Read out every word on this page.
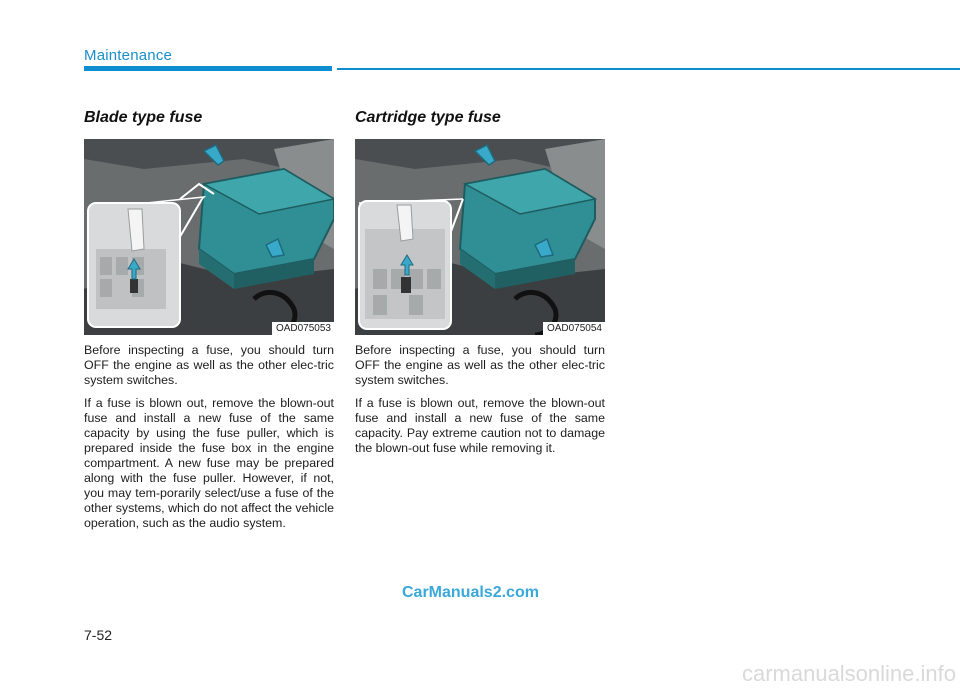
Maintenance
Blade type fuse
OAD075053

Before inspecting a fuse, you should turn OFF the engine as well as the other elec-tric system switches.

If a fuse is blown out, remove the blown-out fuse and install a new fuse of the same capacity by using the fuse puller, which is prepared inside the fuse box in the engine compartment. A new fuse may be prepared along with the fuse puller. However, if not, you may tem-porarily select/use a fuse of the other systems, which do not affect the vehicle operation, such as the audio system.

Cartridge type fuse
OAD075054

Before inspecting a fuse, you should turn OFF the engine as well as the other elec-tric system switches.

If a fuse is blown out, remove the blown-out fuse and install a new fuse of the same capacity. Pay extreme caution not to damage the blown-out fuse while removing it.

7-52
CarManuals2.com
carmanualsonline.info
